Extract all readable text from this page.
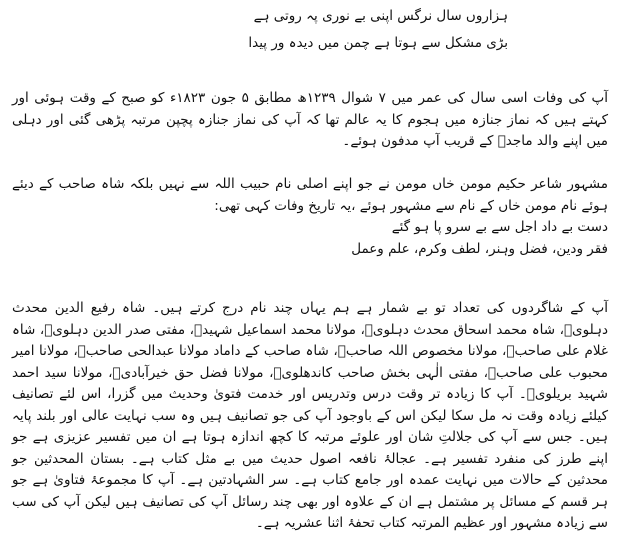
ہزاروں سال نرگس اپنی بے نوری پہ روتی ہے
بڑی مشکل سے ہوتا ہے چمن میں دیدہ ور پیدا
آپ کی وفات اسی سال کی عمر میں ۷ شوال ۱۲۳۹ھ مطابق ۵ جون ۱۸۲۳ء کو صبح کے وقت ہوئی اور کہتے ہیں کہ نماز جنازہ میں ہجوم کا یہ عالم تھا کہ آپ کی نماز جنازہ پچپن مرتبہ پڑھی گئی اور دہلی میں اپنے والد ماجدؒ کے قریب آپ مدفون ہوئے۔
مشہور شاعر حکیم مومن خاں مومن نے جو اپنے اصلی نام حبیب اللہ سے نہیں بلکہ شاہ صاحب کے دیئے ہوئے نام مومن خاں کے نام سے مشہور ہوئے ،یہ تاریخ وفات کہی تھی:
دست بے داد اجل سے بے سرو پا ہو گئے
فقر ودین، فضل وہنر، لطف وکرم، علم وعمل
آپ کے شاگردوں کی تعداد تو بے شمار ہے ہم یہاں چند نام درج کرتے ہیں۔ شاہ رفیع الدین محدث دہلویؒ، شاہ محمد اسحاق محدث دہلویؒ، مولانا محمد اسماعیل شہیدؒ، مفتی صدر الدین دہلویؒ، شاہ غلام علی صاحبؒ، مولانا مخصوص اللہ صاحبؒ، شاہ صاحب کے داماد مولانا عبدالحی صاحبؒ، مولانا امیر محبوب علی صاحبؒ، مفتی الٰہی بخش صاحب کاندھلویؒ، مولانا فضل حق خیرآبادیؒ، مولانا سید احمد شہید بریلویؒ۔ آپ کا زیادہ تر وقت درس وتدریس اور خدمت فتویٰ وحدیث میں گزرا، اس لئے تصانیف کیلئے زیادہ وقت نہ مل سکا لیکن اس کے باوجود آپ کی جو تصانیف ہیں وہ سب نہایت عالی اور بلند پایہ ہیں۔ جس سے آپ کی جلالتِ شان اور علوئے مرتبہ کا کچھ اندازہ ہوتا ہے ان میں تفسیر عزیزی ہے جو اپنے طرز کی منفرد تفسیر ہے۔ عجالۂ نافعہ اصول حدیث میں بے مثل کتاب ہے۔ بستان المحدثین جو محدثین کے حالات میں نہایت عمدہ اور جامع کتاب ہے۔ سر الشہادتین ہے۔ آپ کا مجموعۂ فتاویٰ ہے جو ہر قسم کے مسائل پر مشتمل ہے ان کے علاوہ اور بھی چند رسائل آپ کی تصانیف ہیں لیکن آپ کی سب سے زیادہ مشہور اور عظیم المرتبہ کتاب تحفۂ اثنا عشریہ ہے۔
